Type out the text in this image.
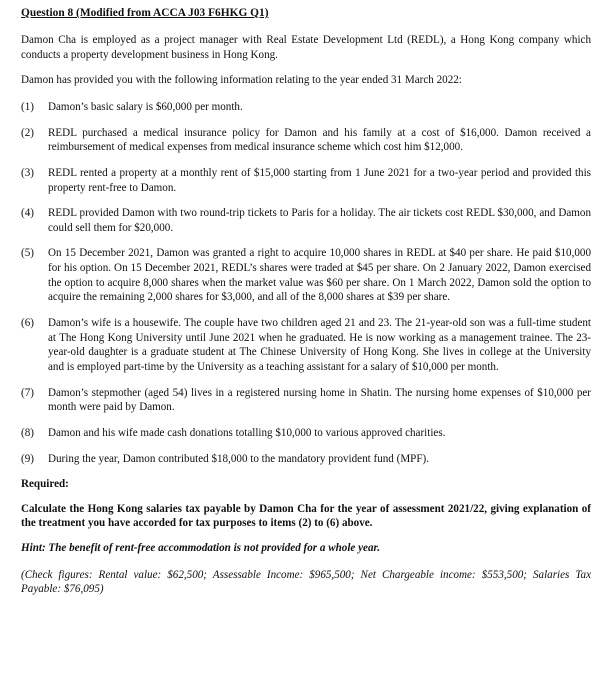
Question 8 (Modified from ACCA J03 F6HKG Q1)

Damon Cha is employed as a project manager with Real Estate Development Ltd (REDL), a Hong Kong company which conducts a property development business in Hong Kong.

Damon has provided you with the following information relating to the year ended 31 March 2022:

(1)	Damon’s basic salary is $60,000 per month.
(2)	REDL purchased a medical insurance policy for Damon and his family at a cost of $16,000. Damon received a reimbursement of medical expenses from medical insurance scheme which cost him $12,000.
(3)	REDL rented a property at a monthly rent of $15,000 starting from 1 June 2021 for a two-year period and provided this property rent-free to Damon.
(4)	REDL provided Damon with two round-trip tickets to Paris for a holiday. The air tickets cost REDL $30,000, and Damon could sell them for $20,000.
(5)	On 15 December 2021, Damon was granted a right to acquire 10,000 shares in REDL at $40 per share. He paid $10,000 for his option. On 15 December 2021, REDL’s shares were traded at $45 per share. On 2 January 2022, Damon exercised the option to acquire 8,000 shares when the market value was $60 per share. On 1 March 2022, Damon sold the option to acquire the remaining 2,000 shares for $3,000, and all of the 8,000 shares at $39 per share.
(6)	Damon’s wife is a housewife. The couple have two children aged 21 and 23. The 21-year-old son was a full-time student at The Hong Kong University until June 2021 when he graduated. He is now working as a management trainee. The 23-year-old daughter is a graduate student at The Chinese University of Hong Kong. She lives in college at the University and is employed part-time by the University as a teaching assistant for a salary of $10,000 per month.
(7)	Damon’s stepmother (aged 54) lives in a registered nursing home in Shatin. The nursing home expenses of $10,000 per month were paid by Damon.
(8)	Damon and his wife made cash donations totalling $10,000 to various approved charities.
(9)	During the year, Damon contributed $18,000 to the mandatory provident fund (MPF).

Required:

Calculate the Hong Kong salaries tax payable by Damon Cha for the year of assessment 2021/22, giving explanation of the treatment you have accorded for tax purposes to items (2) to (6) above.

Hint: The benefit of rent-free accommodation is not provided for a whole year.

(Check figures: Rental value: $62,500; Assessable Income: $965,500; Net Chargeable income: $553,500; Salaries Tax Payable: $76,095)
